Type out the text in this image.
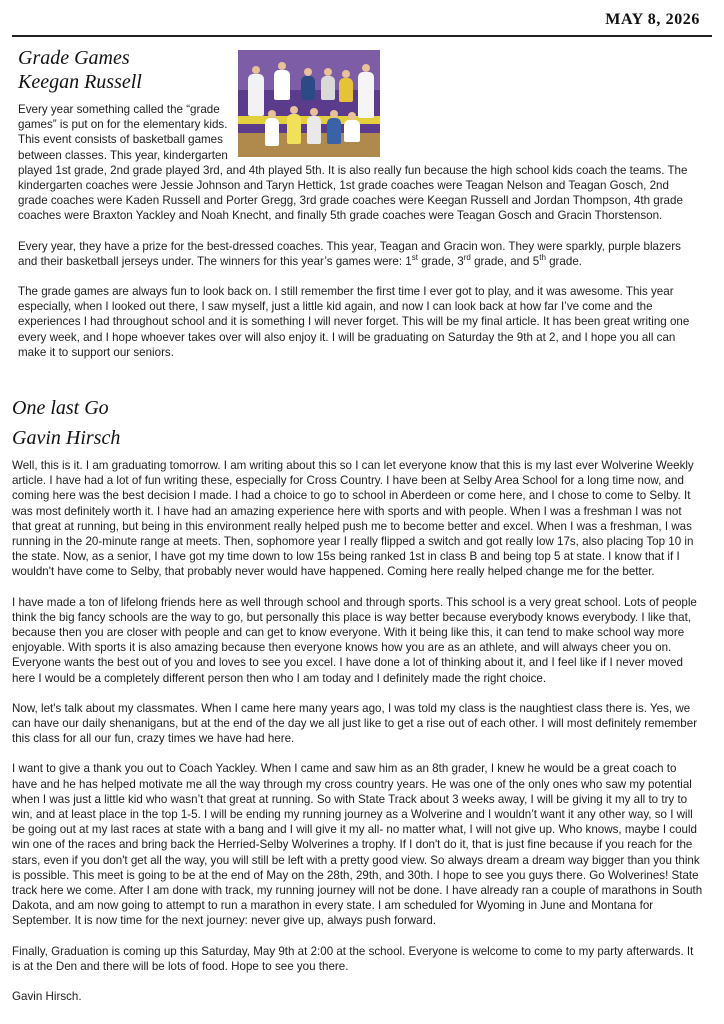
MAY 8, 2026
Grade Games
Keegan Russell

Every year something called the “grade games” is put on for the elementary kids. This event consists of basketball games between classes. This year, kindergarten played 1st grade, 2nd grade played 3rd, and 4th played 5th. It is also really fun because the high school kids coach the teams. The kindergarten coaches were Jessie Johnson and Taryn Hettick, 1st grade coaches were Teagan Nelson and Teagan Gosch, 2nd grade coaches were Kaden Russell and Porter Gregg, 3rd grade coaches were Keegan Russell and Jordan Thompson, 4th grade coaches were Braxton Yackley and Noah Knecht, and finally 5th grade coaches were Teagan Gosch and Gracin Thorstenson.

Every year, they have a prize for the best-dressed coaches. This year, Teagan and Gracin won. They were sparkly, purple blazers and their basketball jerseys under. The winners for this year’s games were: 1st grade, 3rd grade, and 5th grade.

The grade games are always fun to look back on. I still remember the first time I ever got to play, and it was awesome. This year especially, when I looked out there, I saw myself, just a little kid again, and now I can look back at how far I’ve come and the experiences I had throughout school and it is something I will never forget. This will be my final article. It has been great writing one every week, and I hope whoever takes over will also enjoy it. I will be graduating on Saturday the 9th at 2, and I hope you all can make it to support our seniors.

One last Go
Gavin Hirsch

Well, this is it. I am graduating tomorrow. I am writing about this so I can let everyone know that this is my last ever Wolverine Weekly article. I have had a lot of fun writing these, especially for Cross Country. I have been at Selby Area School for a long time now, and coming here was the best decision I made. I had a choice to go to school in Aberdeen or come here, and I chose to come to Selby. It was most definitely worth it. I have had an amazing experience here with sports and with people. When I was a freshman I was not that great at running, but being in this environment really helped push me to become better and excel. When I was a freshman, I was running in the 20-minute range at meets. Then, sophomore year I really flipped a switch and got really low 17s, also placing Top 10 in the state. Now, as a senior, I have got my time down to low 15s being ranked 1st in class B and being top 5 at state. I know that if I wouldn't have come to Selby, that probably never would have happened. Coming here really helped change me for the better.

I have made a ton of lifelong friends here as well through school and through sports. This school is a very great school. Lots of people think the big fancy schools are the way to go, but personally this place is way better because everybody knows everybody. I like that, because then you are closer with people and can get to know everyone. With it being like this, it can tend to make school way more enjoyable. With sports it is also amazing because then everyone knows how you are as an athlete, and will always cheer you on. Everyone wants the best out of you and loves to see you excel. I have done a lot of thinking about it, and I feel like if I never moved here I would be a completely different person then who I am today and I definitely made the right choice.

Now, let's talk about my classmates. When I came here many years ago, I was told my class is the naughtiest class there is. Yes, we can have our daily shenanigans, but at the end of the day we all just like to get a rise out of each other. I will most definitely remember this class for all our fun, crazy times we have had here.

I want to give a thank you out to Coach Yackley. When I came and saw him as an 8th grader, I knew he would be a great coach to have and he has helped motivate me all the way through my cross country years. He was one of the only ones who saw my potential when I was just a little kid who wasn’t that great at running. So with State Track about 3 weeks away, I will be giving it my all to try to win, and at least place in the top 1-5. I will be ending my running journey as a Wolverine and I wouldn’t want it any other way, so I will be going out at my last races at state with a bang and I will give it my all- no matter what, I will not give up. Who knows, maybe I could win one of the races and bring back the Herried-Selby Wolverines a trophy. If I don't do it, that is just fine because if you reach for the stars, even if you don't get all the way, you will still be left with a pretty good view. So always dream a dream way bigger than you think is possible. This meet is going to be at the end of May on the 28th, 29th, and 30th. I hope to see you guys there. Go Wolverines! State track here we come. After I am done with track, my running journey will not be done. I have already ran a couple of marathons in South Dakota, and am now going to attempt to run a marathon in every state. I am scheduled for Wyoming in June and Montana for September. It is now time for the next journey: never give up, always push forward.

Finally, Graduation is coming up this Saturday, May 9th at 2:00 at the school. Everyone is welcome to come to my party afterwards. It is at the Den and there will be lots of food. Hope to see you there.

Gavin Hirsch.
